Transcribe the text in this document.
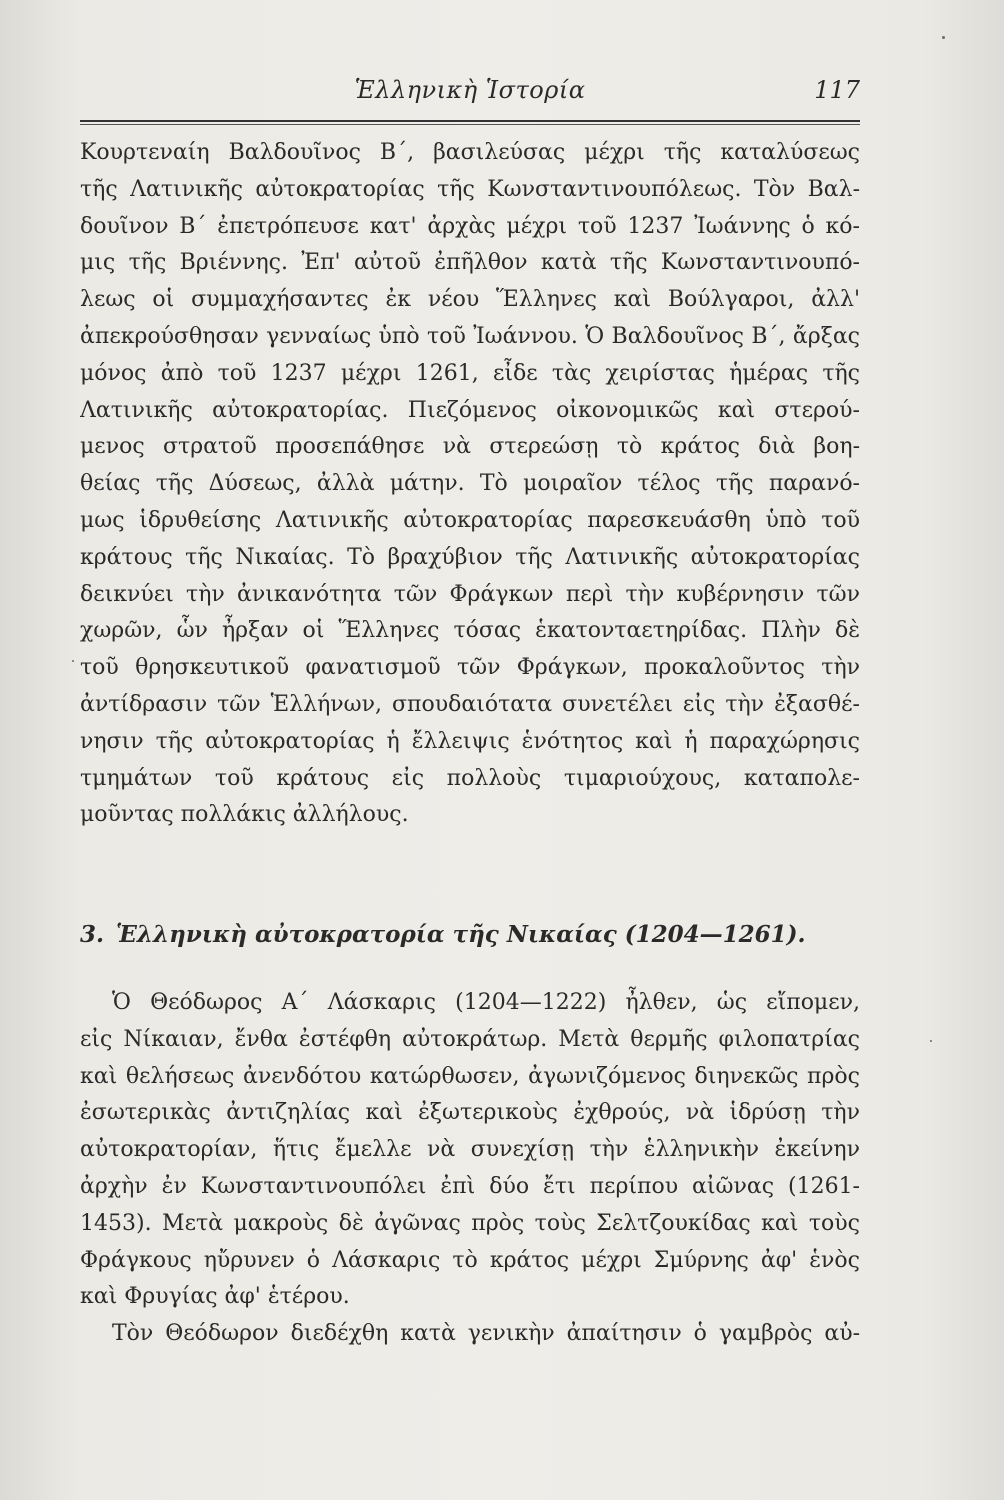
Ἑλληνικὴ Ἱστορία	117
Κουρτεναίη Βαλδουῖνος Β΄, βασιλεύσας μέχρι τῆς καταλύσεως
τῆς Λατινικῆς αὐτοκρατορίας τῆς Κωνσταντινουπόλεως. Τὸν Βαλ-
δουῖνον Β΄ ἐπετρόπευσε κατ' ἀρχὰς μέχρι τοῦ 1237 Ἰωάννης ὁ κό-
μις τῆς Βριέννης. Ἐπ' αὐτοῦ ἐπῆλθον κατὰ τῆς Κωνσταντινουπό-
λεως οἱ συμμαχήσαντες ἐκ νέου Ἕλληνες καὶ Βούλγαροι, ἀλλ'
ἀπεκρούσθησαν γενναίως ὑπὸ τοῦ Ἰωάννου. Ὁ Βαλδουῖνος Β΄, ἄρξας
μόνος ἀπὸ τοῦ 1237 μέχρι 1261, εἶδε τὰς χειρίστας ἡμέρας τῆς
Λατινικῆς αὐτοκρατορίας. Πιεζόμενος οἰκονομικῶς καὶ στερού-
μενος στρατοῦ προσεπάθησε νὰ στερεώσῃ τὸ κράτος διὰ βοη-
θείας τῆς Δύσεως, ἀλλὰ μάτην. Τὸ μοιραῖον τέλος τῆς παρανό-
μως ἱδρυθείσης Λατινικῆς αὐτοκρατορίας παρεσκευάσθη ὑπὸ τοῦ
κράτους τῆς Νικαίας. Τὸ βραχύβιον τῆς Λατινικῆς αὐτοκρατορίας
δεικνύει τὴν ἀνικανότητα τῶν Φράγκων περὶ τὴν κυβέρνησιν τῶν
χωρῶν, ὧν ἦρξαν οἱ Ἕλληνες τόσας ἑκατονταετηρίδας. Πλὴν δὲ
τοῦ θρησκευτικοῦ φανατισμοῦ τῶν Φράγκων, προκαλοῦντος τὴν
ἀντίδρασιν τῶν Ἑλλήνων, σπουδαιότατα συνετέλει εἰς τὴν ἐξασθέ-
νησιν τῆς αὐτοκρατορίας ἡ ἔλλειψις ἑνότητος καὶ ἡ παραχώρησις
τμημάτων τοῦ κράτους εἰς πολλοὺς τιμαριούχους, καταπολε-
μοῦντας πολλάκις ἀλλήλους.
3. Ἑλληνικὴ αὐτοκρατορία τῆς Νικαίας (1204—1261).
Ὁ Θεόδωρος Α΄ Λάσκαρις (1204—1222) ἦλθεν, ὡς εἴπομεν,
εἰς Νίκαιαν, ἔνθα ἐστέφθη αὐτοκράτωρ. Μετὰ θερμῆς φιλοπατρίας
καὶ θελήσεως ἀνενδότου κατώρθωσεν, ἀγωνιζόμενος διηνεκῶς πρὸς
ἐσωτερικὰς ἀντιζηλίας καὶ ἐξωτερικοὺς ἐχθρούς, νὰ ἱδρύσῃ τὴν
αὐτοκρατορίαν, ἥτις ἔμελλε νὰ συνεχίσῃ τὴν ἑλληνικὴν ἐκείνην
ἀρχὴν ἐν Κωνσταντινουπόλει ἐπὶ δύο ἔτι περίπου αἰῶνας (1261-
1453). Μετὰ μακροὺς δὲ ἀγῶνας πρὸς τοὺς Σελτζουκίδας καὶ τοὺς
Φράγκους ηὔρυνεν ὁ Λάσκαρις τὸ κράτος μέχρι Σμύρνης ἀφ' ἑνὸς
καὶ Φρυγίας ἀφ' ἑτέρου.
Τὸν Θεόδωρον διεδέχθη κατὰ γενικὴν ἀπαίτησιν ὁ γαμβρὸς αὐ-
